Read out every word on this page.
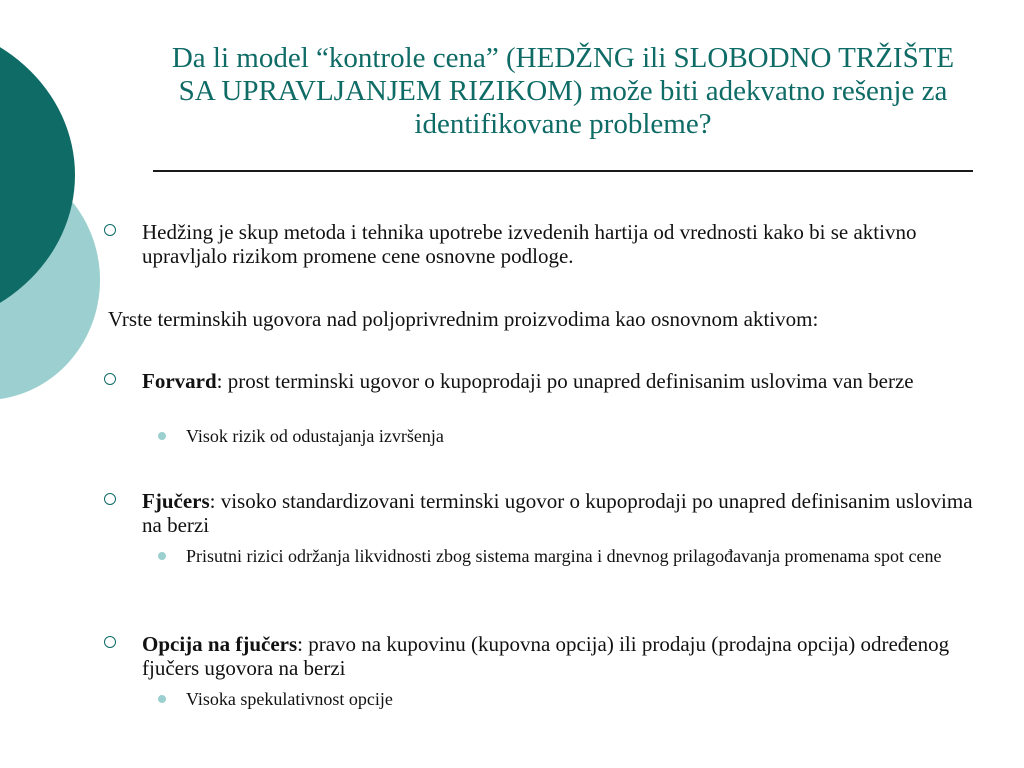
Da li model “kontrole cena” (HEDŽNG ili SLOBODNO TRŽIŠTE SA UPRAVLJANJEM RIZIKOM) može biti adekvatno rešenje za identifikovane probleme?
Hedžing je skup metoda i tehnika upotrebe izvedenih hartija od vrednosti kako bi se aktivno upravljalo rizikom promene cene osnovne podloge.
Vrste terminskih ugovora nad poljoprivrednim proizvodima kao osnovnom aktivom:
Forvard: prost terminski ugovor o kupoprodaji po unapred definisanim uslovima van berze
Visok rizik od odustajanja izvršenja
Fjučers: visoko standardizovani terminski ugovor o kupoprodaji po unapred definisanim uslovima na berzi
Prisutni rizici održanja likvidnosti zbog sistema margina i dnevnog prilagođavanja promenama spot cene
Opcija na fjučers: pravo na kupovinu (kupovna opcija) ili prodaju (prodajna opcija) određenog fjučers ugovora na berzi
Visoka spekulativnost opcije
